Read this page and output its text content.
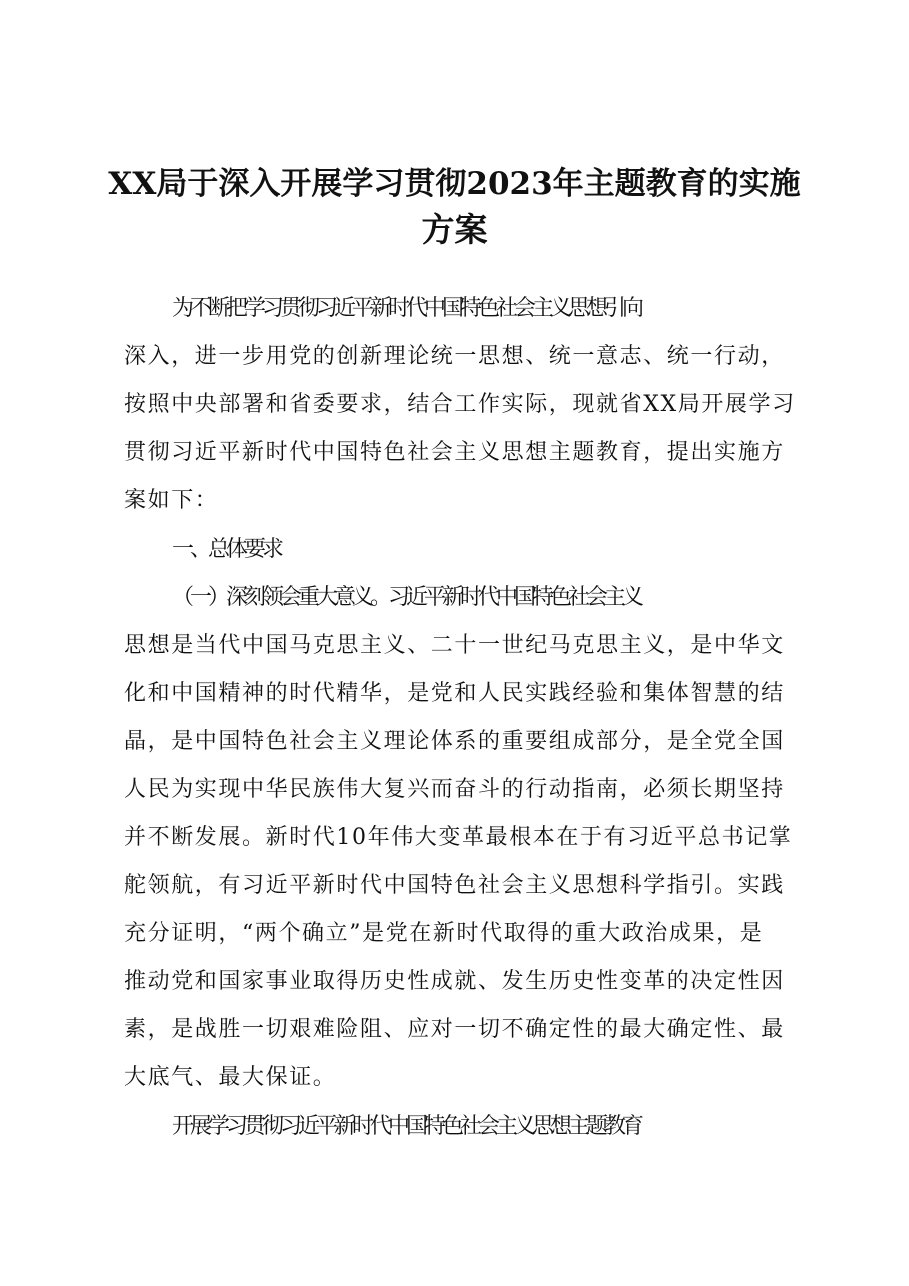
XX局于深入开展学习贯彻2023年主题教育的实施
方案
为不断把学习贯彻习近平新时代中国特色社会主义思想引向
深入，进一步用党的创新理论统一思想、统一意志、统一行动，
按照中央部署和省委要求，结合工作实际，现就省XX局开展学习
贯彻习近平新时代中国特色社会主义思想主题教育，提出实施方
案如下：
一、总体要求
（一）深刻领会重大意义。习近平新时代中国特色社会主义
思想是当代中国马克思主义、二十一世纪马克思主义，是中华文
化和中国精神的时代精华，是党和人民实践经验和集体智慧的结
晶，是中国特色社会主义理论体系的重要组成部分，是全党全国
人民为实现中华民族伟大复兴而奋斗的行动指南，必须长期坚持
并不断发展。新时代10年伟大变革最根本在于有习近平总书记掌
舵领航，有习近平新时代中国特色社会主义思想科学指引。实践
充分证明，“两个确立”是党在新时代取得的重大政治成果，是
推动党和国家事业取得历史性成就、发生历史性变革的决定性因
素，是战胜一切艰难险阻、应对一切不确定性的最大确定性、最
大底气、最大保证。
开展学习贯彻习近平新时代中国特色社会主义思想主题教育
